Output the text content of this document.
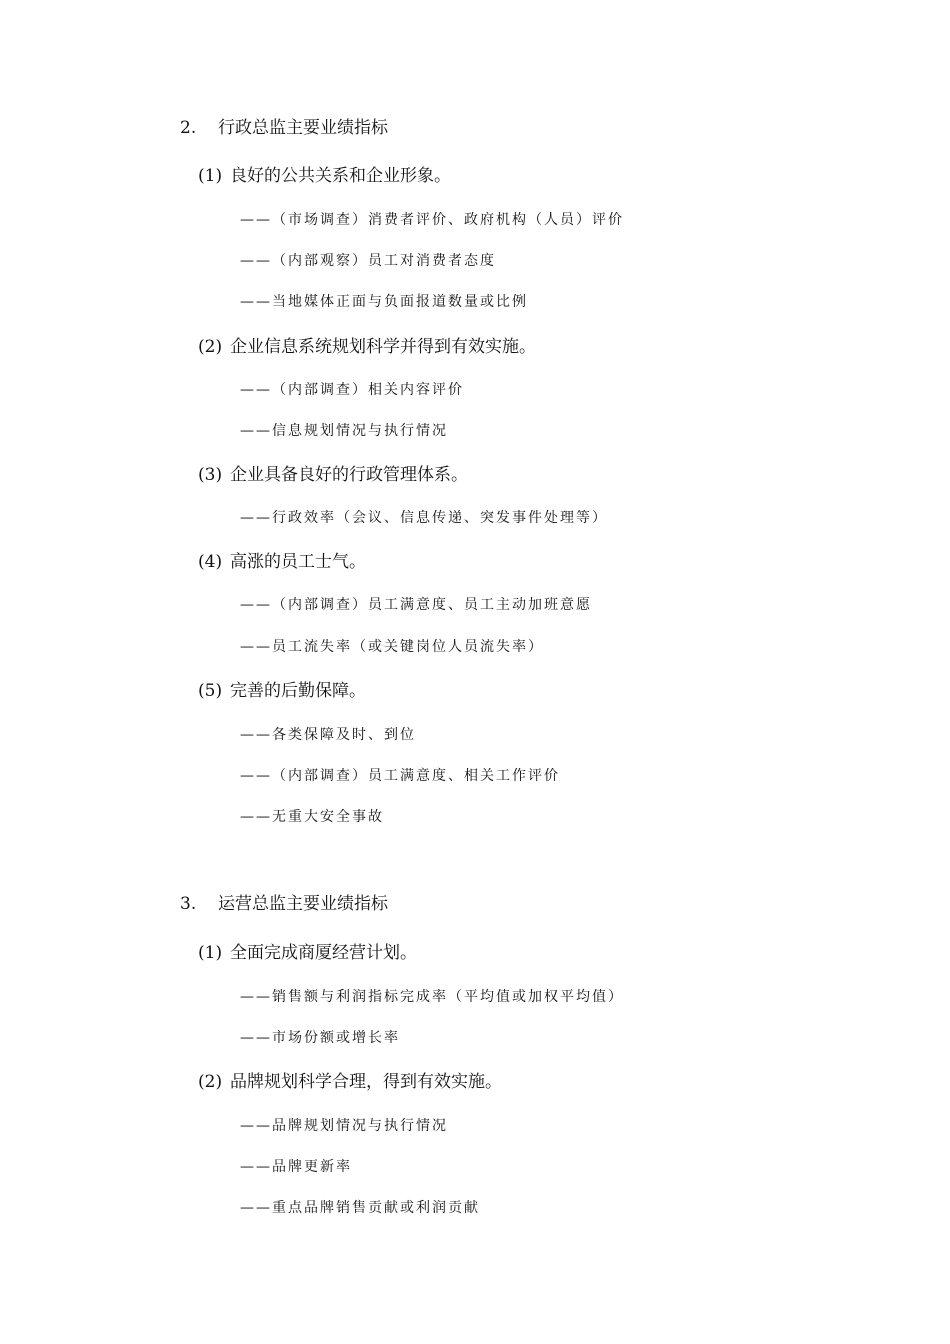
2. 行政总监主要业绩指标
(1) 良好的公共关系和企业形象。
——（市场调查）消费者评价、政府机构（人员）评价
——（内部观察）员工对消费者态度
——当地媒体正面与负面报道数量或比例
(2) 企业信息系统规划科学并得到有效实施。
——（内部调查）相关内容评价
——信息规划情况与执行情况
(3) 企业具备良好的行政管理体系。
——行政效率（会议、信息传递、突发事件处理等）
(4) 高涨的员工士气。
——（内部调查）员工满意度、员工主动加班意愿
——员工流失率（或关键岗位人员流失率）
(5) 完善的后勤保障。
——各类保障及时、到位
——（内部调查）员工满意度、相关工作评价
——无重大安全事故
3. 运营总监主要业绩指标
(1) 全面完成商厦经营计划。
——销售额与利润指标完成率（平均值或加权平均值）
——市场份额或增长率
(2) 品牌规划科学合理，得到有效实施。
——品牌规划情况与执行情况
——品牌更新率
——重点品牌销售贡献或利润贡献
